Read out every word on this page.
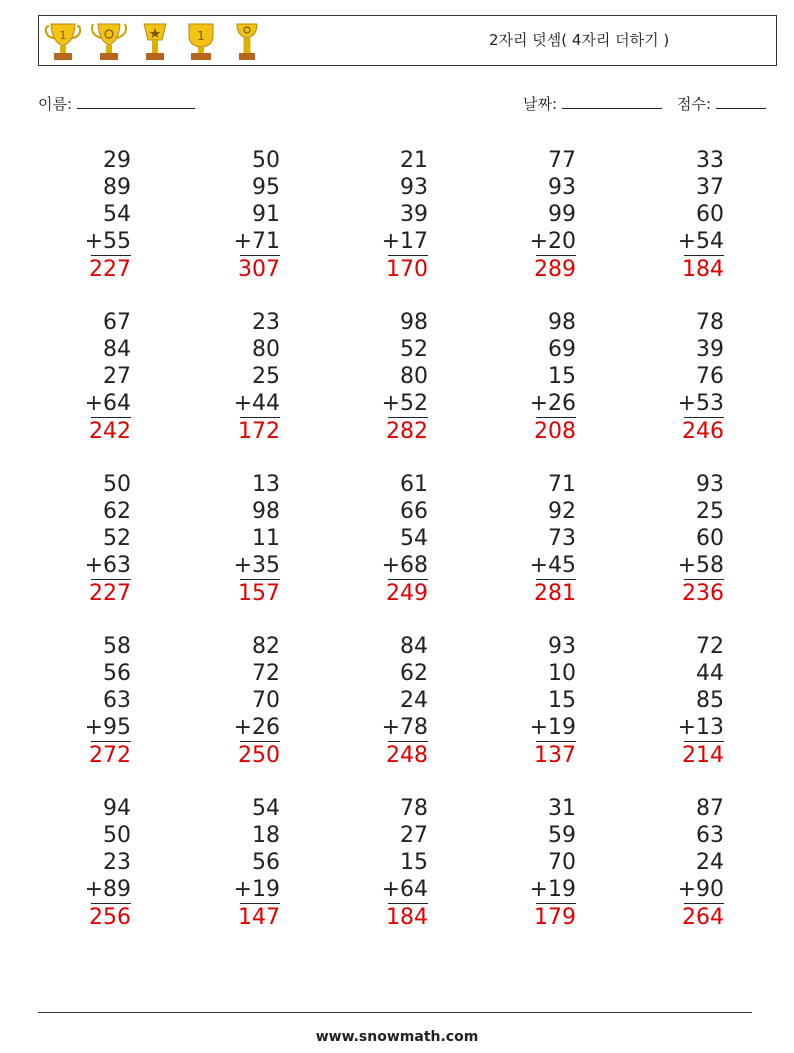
1	1	2자리 덧셈( 4자리 더하기 )
이름:	날짜:	점수:
29
89
54
+55
227
50
95
91
+71
307
21
93
39
+17
170
77
93
99
+20
289
33
37
60
+54
184
67
84
27
+64
242
23
80
25
+44
172
98
52
80
+52
282
98
69
15
+26
208
78
39
76
+53
246
50
62
52
+63
227
13
98
11
+35
157
61
66
54
+68
249
71
92
73
+45
281
93
25
60
+58
236
58
56
63
+95
272
82
72
70
+26
250
84
62
24
+78
248
93
10
15
+19
137
72
44
85
+13
214
94
50
23
+89
256
54
18
56
+19
147
78
27
15
+64
184
31
59
70
+19
179
87
63
24
+90
264
www.snowmath.com
